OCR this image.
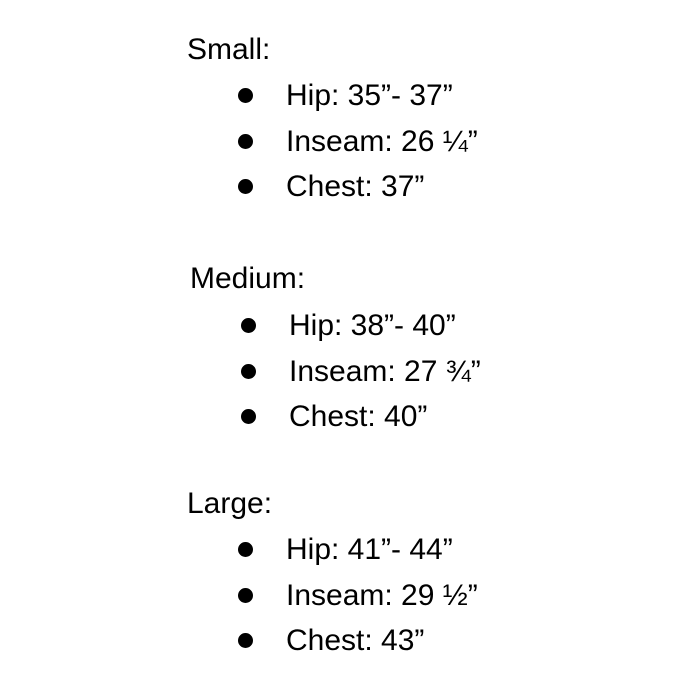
Small:
Hip: 35”- 37”
Inseam: 26 ¼”
Chest: 37”
Medium:
Hip: 38”- 40”
Inseam: 27 ¾”
Chest: 40”
Large:
Hip: 41”- 44”
Inseam: 29 ½”
Chest: 43”
